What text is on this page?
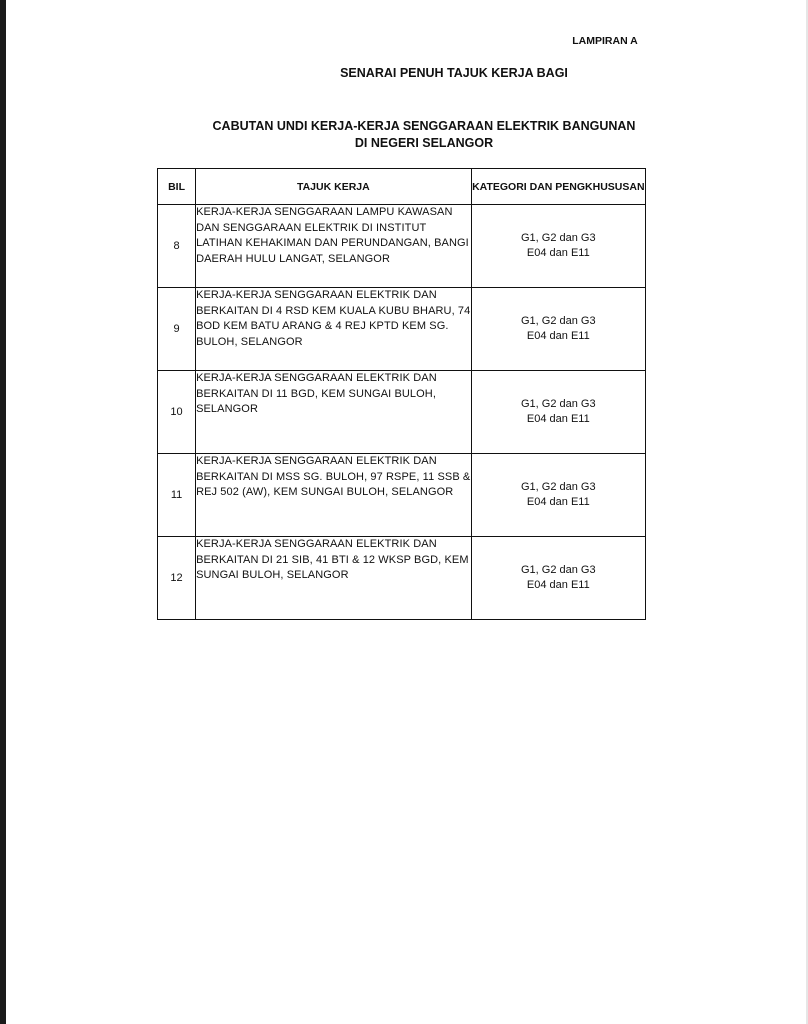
LAMPIRAN A
SENARAI PENUH TAJUK KERJA BAGI
CABUTAN UNDI KERJA-KERJA SENGGARAAN ELEKTRIK BANGUNAN
DI NEGERI SELANGOR
BIL	TAJUK KERJA	KATEGORI DAN PENGKHUSUSAN
8	KERJA-KERJA SENGGARAAN LAMPU KAWASAN DAN SENGGARAAN ELEKTRIK DI INSTITUT LATIHAN KEHAKIMAN DAN PERUNDANGAN, BANGI DAERAH HULU LANGAT, SELANGOR	G1, G2 dan G3
E04 dan E11

9	KERJA-KERJA SENGGARAAN ELEKTRIK DAN BERKAITAN DI 4 RSD KEM KUALA KUBU BHARU, 74 BOD KEM BATU ARANG & 4 REJ KPTD KEM SG. BULOH, SELANGOR	G1, G2 dan G3
E04 dan E11

10	KERJA-KERJA SENGGARAAN ELEKTRIK DAN BERKAITAN DI 11 BGD, KEM SUNGAI BULOH, SELANGOR	G1, G2 dan G3
E04 dan E11

11	KERJA-KERJA SENGGARAAN ELEKTRIK DAN BERKAITAN DI MSS SG. BULOH, 97 RSPE, 11 SSB & REJ 502 (AW), KEM SUNGAI BULOH, SELANGOR	G1, G2 dan G3
E04 dan E11

12	KERJA-KERJA SENGGARAAN ELEKTRIK DAN BERKAITAN DI 21 SIB, 41 BTI & 12 WKSP BGD, KEM SUNGAI BULOH, SELANGOR	G1, G2 dan G3
E04 dan E11
